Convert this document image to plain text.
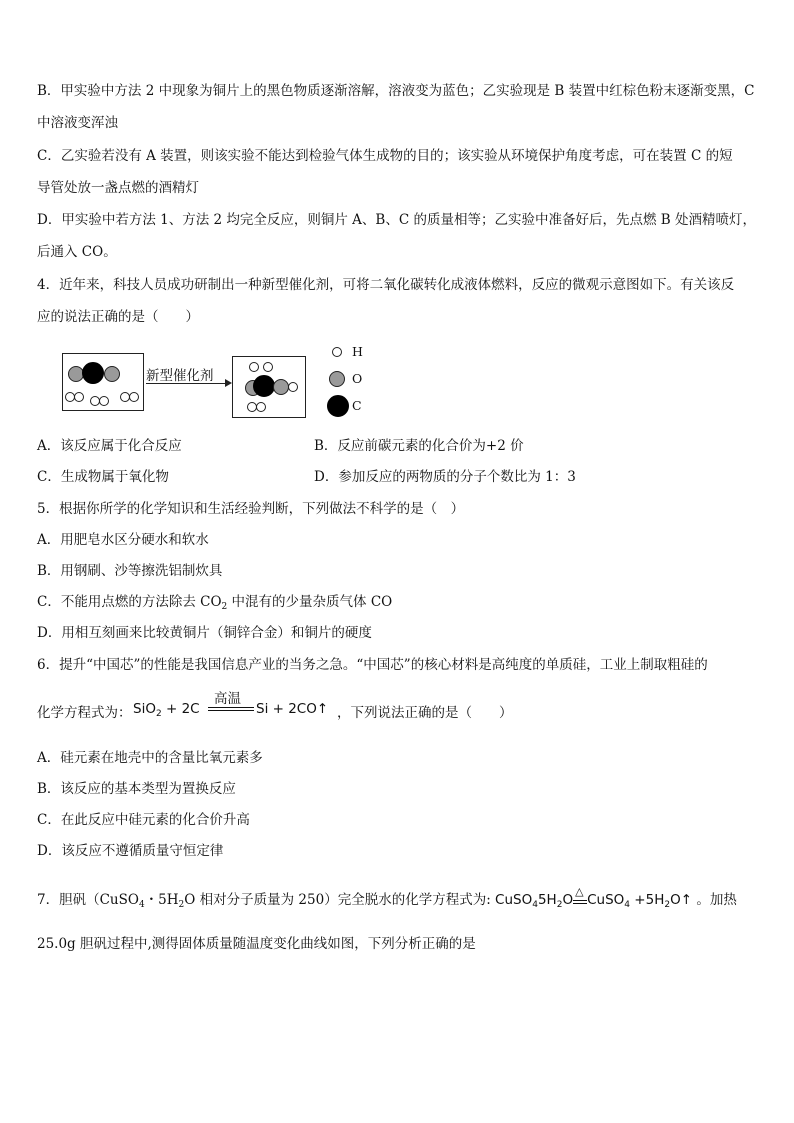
B．甲实验中方法 2 中现象为铜片上的黑色物质逐渐溶解，溶液变为蓝色；乙实验现是 B 装置中红棕色粉末逐渐变黑，C
中溶液变浑浊
C．乙实验若没有 A 装置，则该实验不能达到检验气体生成物的目的；该实验从环境保护角度考虑，可在装置 C 的短
导管处放一盏点燃的酒精灯
D．甲实验中若方法 1、方法 2 均完全反应，则铜片 A、B、C 的质量相等；乙实验中准备好后，先点燃 B 处酒精喷灯，
后通入 CO。
4．近年来，科技人员成功研制出一种新型催化剂，可将二氧化碳转化成液体燃料，反应的微观示意图如下。有关该反
应的说法正确的是（　　）
新型催化剂
H
O
C
A．该反应属于化合反应	B．反应前碳元素的化合价为+2 价
C．生成物属于氧化物	D．参加反应的两物质的分子个数比为 1：3
5．根据你所学的化学知识和生活经验判断，下列做法不科学的是（　）
A．用肥皂水区分硬水和软水
B．用钢刷、沙等擦洗铝制炊具
C．不能用点燃的方法除去 $CO_2$ 中混有的少量杂质气体 CO
D．用相互刻画来比较黄铜片（铜锌合金）和铜片的硬度
6．提升“中国芯”的性能是我国信息产业的当务之急。“中国芯”的核心材料是高纯度的单质硅，工业上制取粗硅的
化学方程式为： SiO$_2$ + 2C
高温
Si + 2CO↑ ，下列说法正确的是（　　）
A．硅元素在地壳中的含量比氧元素多
B．该反应的基本类型为置换反应
C．在此反应中硅元素的化合价升高
D．该反应不遵循质量守恒定律
7．胆矾（CuSO$_4$・$5H_2O$ 相对分子质量为 250）完全脱水的化学方程式为: $CuSO_45H_2O$
△
CuSO$_4$ $+5H_2O↑$ 。加热
25.0g 胆矾过程中,测得固体质量随温度变化曲线如图，下列分析正确的是
